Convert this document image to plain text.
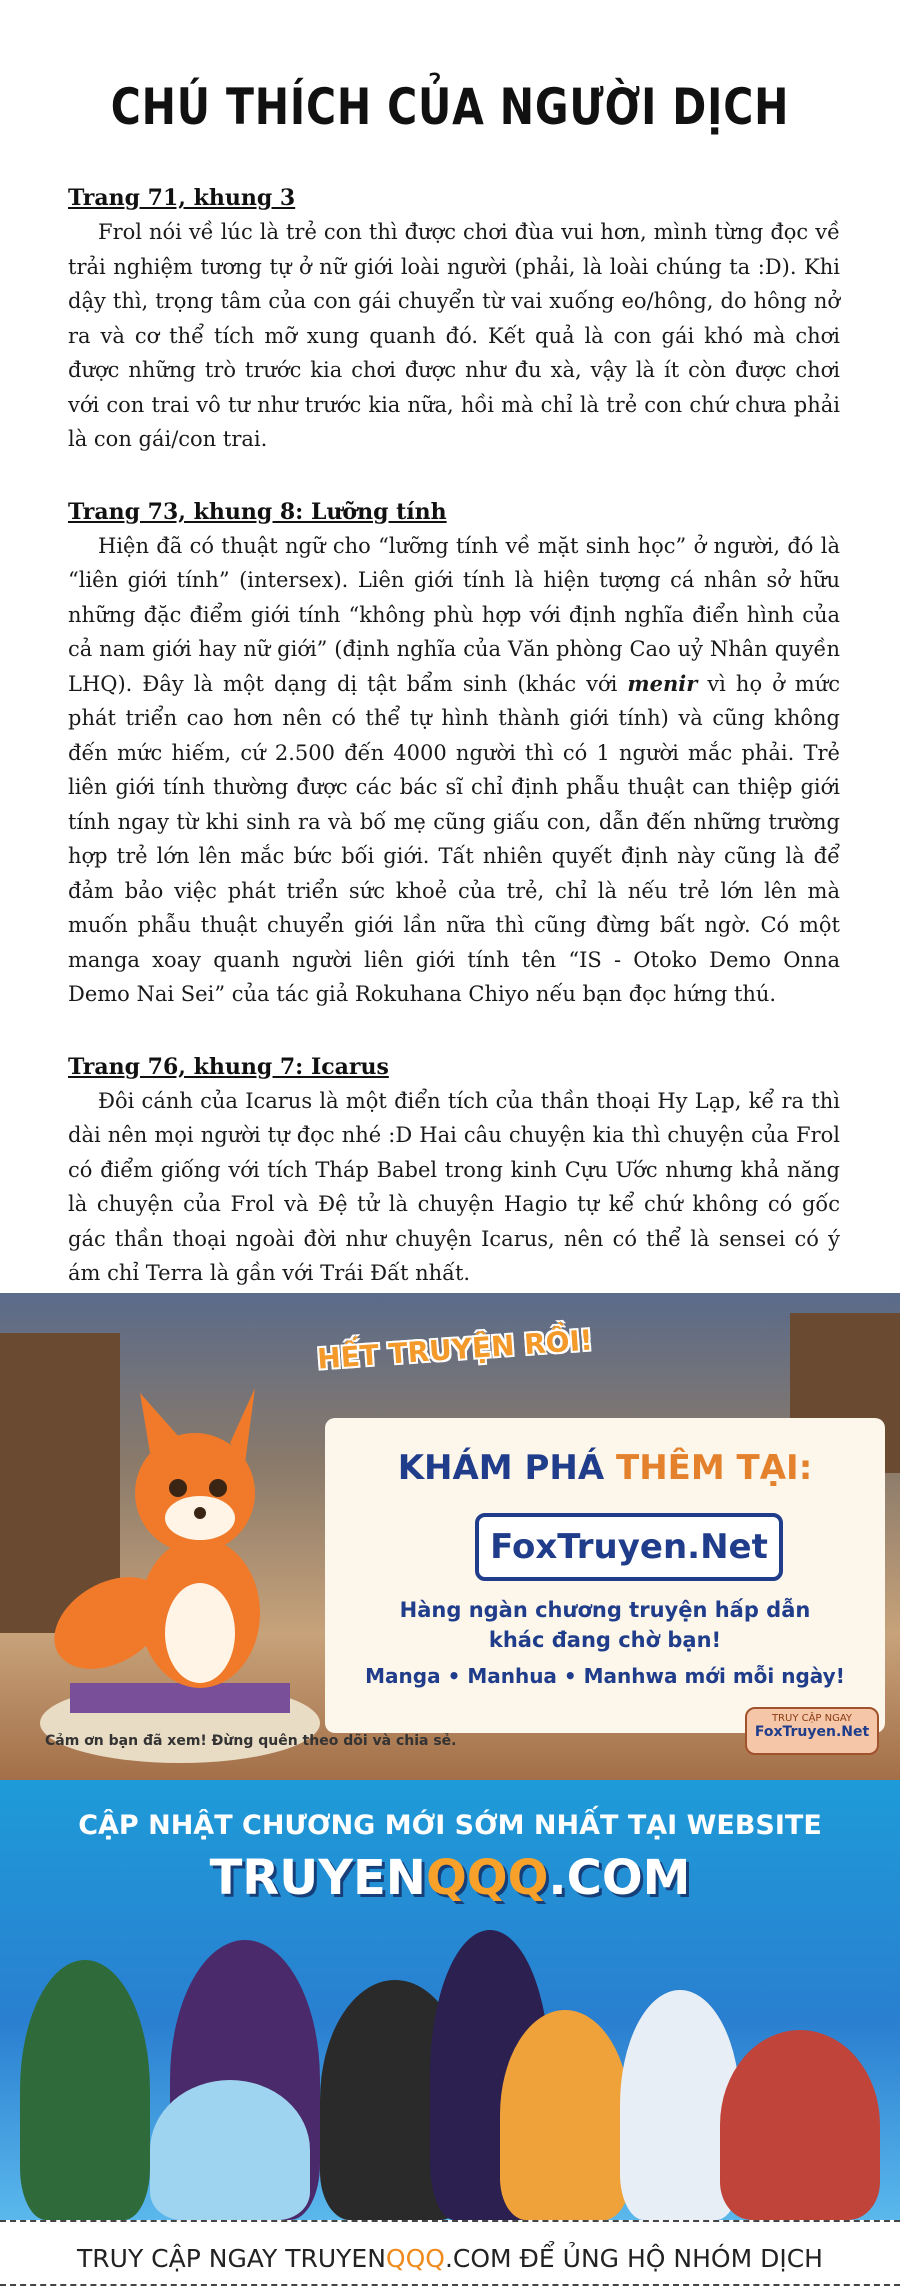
CHÚ THÍCH CỦA NGƯỜI DỊCH
Trang 71, khung 3

Frol nói về lúc là trẻ con thì được chơi đùa vui hơn, mình từng đọc về trải nghiệm tương tự ở nữ giới loài người (phải, là loài chúng ta :D). Khi dậy thì, trọng tâm của con gái chuyển từ vai xuống eo/hông, do hông nở ra và cơ thể tích mỡ xung quanh đó. Kết quả là con gái khó mà chơi được những trò trước kia chơi được như đu xà, vậy là ít còn được chơi với con trai vô tư như trước kia nữa, hồi mà chỉ là trẻ con chứ chưa phải là con gái/con trai.

Trang 73, khung 8: Lưỡng tính

Hiện đã có thuật ngữ cho “lưỡng tính về mặt sinh học” ở người, đó là “liên giới tính” (intersex). Liên giới tính là hiện tượng cá nhân sở hữu những đặc điểm giới tính “không phù hợp với định nghĩa điển hình của cả nam giới hay nữ giới” (định nghĩa của Văn phòng Cao uỷ Nhân quyền LHQ). Đây là một dạng dị tật bẩm sinh (khác với menir vì họ ở mức phát triển cao hơn nên có thể tự hình thành giới tính) và cũng không đến mức hiếm, cứ 2.500 đến 4000 người thì có 1 người mắc phải. Trẻ liên giới tính thường được các bác sĩ chỉ định phẫu thuật can thiệp giới tính ngay từ khi sinh ra và bố mẹ cũng giấu con, dẫn đến những trường hợp trẻ lớn lên mắc bức bối giới. Tất nhiên quyết định này cũng là để đảm bảo việc phát triển sức khoẻ của trẻ, chỉ là nếu trẻ lớn lên mà muốn phẫu thuật chuyển giới lần nữa thì cũng đừng bất ngờ. Có một manga xoay quanh người liên giới tính tên “IS - Otoko Demo Onna Demo Nai Sei” của tác giả Rokuhana Chiyo nếu bạn đọc hứng thú.

Trang 76, khung 7: Icarus

Đôi cánh của Icarus là một điển tích của thần thoại Hy Lạp, kể ra thì dài nên mọi người tự đọc nhé :D Hai câu chuyện kia thì chuyện của Frol có điểm giống với tích Tháp Babel trong kinh Cựu Ước nhưng khả năng là chuyện của Frol và Đệ tử là chuyện Hagio tự kể chứ không có gốc gác thần thoại ngoài đời như chuyện Icarus, nên có thể là sensei có ý ám chỉ Terra là gần với Trái Đất nhất.

HẾT TRUYỆN RỒI!
KHÁM PHÁ THÊM TẠI:
FoxTruyen.Net
Hàng ngàn chương truyện hấp dẫn
khác đang chờ bạn!
Manga • Manhua • Manhwa mới mỗi ngày!
Cảm ơn bạn đã xem! Đừng quên theo dõi và chia sẻ.
TRUY CẬP NGAY
FoxTruyen.Net
CẬP NHẬT CHƯƠNG MỚI SỚM NHẤT TẠI WEBSITE
TRUYENQQQ.COM
TRUY CẬP NGAY TRUYENQQQ.COM ĐỂ ỦNG HỘ NHÓM DỊCH
